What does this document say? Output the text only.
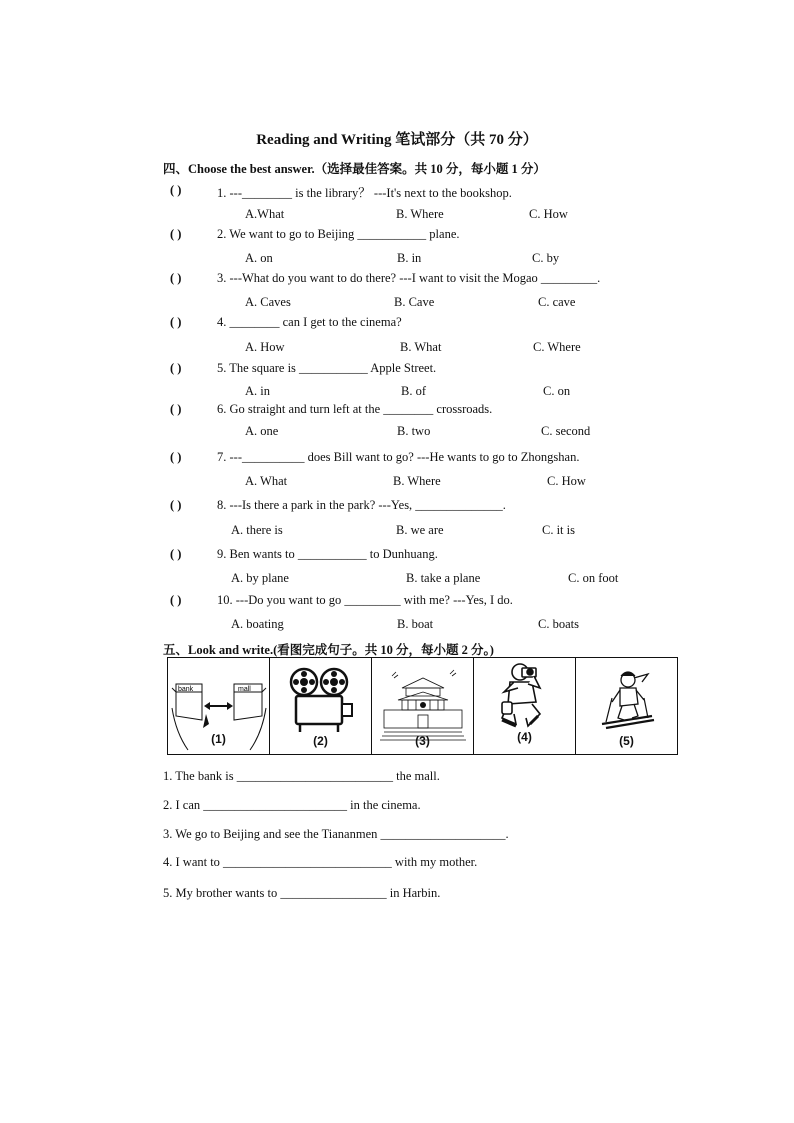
Reading and Writing 笔试部分（共 70 分）
四、Choose the best answer.（选择最佳答案。共 10 分，每小题 1 分）
( )	1. ---________ is the library？ ---It's next to the bookshop.
A.What	B. Where	C. How
( )	2. We want to go to Beijing ___________ plane.
A. on	B. in	C. by
( )	3. ---What do you want to do there? ---I want to visit the Mogao _________.
A. Caves	B. Cave	C. cave
( )	4. ________ can I get to the cinema?
A. How	B. What	C. Where
( )	5. The square is ___________ Apple Street.
A. in	B. of	C. on
( )	6. Go straight and turn left at the ________ crossroads.
A. one	B. two	C. second
( )	7. ---__________ does Bill want to go? ---He wants to go to Zhongshan.
A. What	B. Where	C. How
( )	8. ---Is there a park in the park? ---Yes, ______________.
A. there is	B. we are	C. it is
( )	9. Ben wants to ___________ to Dunhuang.
A. by plane	B. take a plane	C. on foot
( )	10. ---Do you want to go _________ with me? ---Yes, I do.
A. boating	B. boat	C. boats
五、Look and write.(看图完成句子。共 10 分，每小题 2 分。)
bank	mall
(1)	(2)	(3)	(4)	(5)
1. The bank is _________________________ the mall.
2. I can _______________________ in the cinema.
3. We go to Beijing and see the Tiananmen ____________________.
4. I want to ___________________________ with my mother.
5. My brother wants to _________________ in Harbin.
